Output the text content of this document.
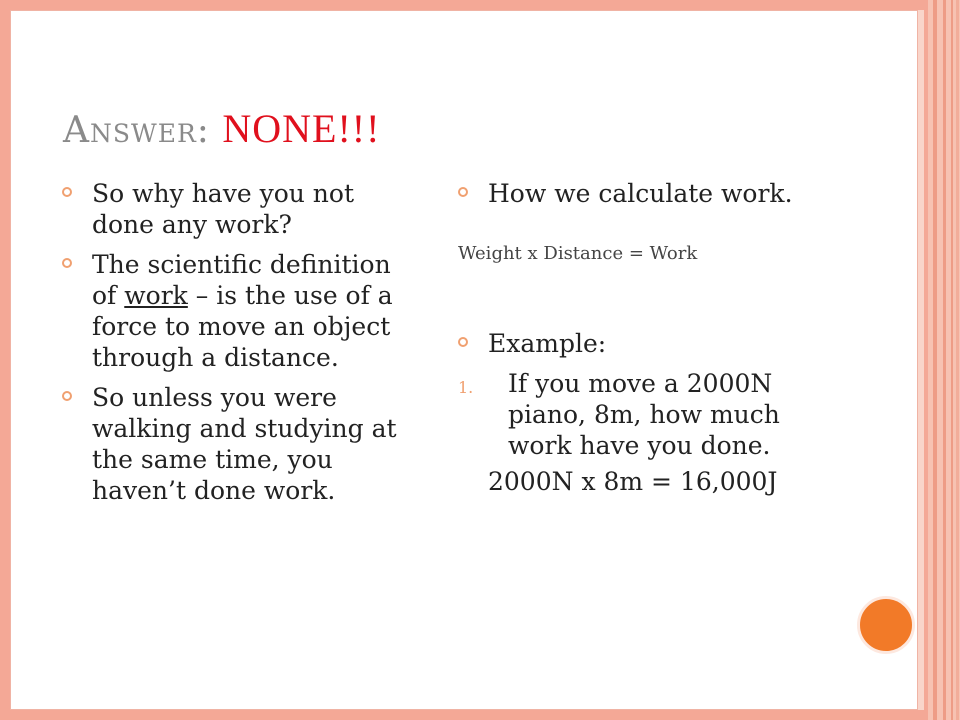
Answer: NONE!!!
So why have you not done any work?
The scientific definition of work – is the use of a force to move an object through a distance.
So unless you were walking and studying at the same time, you haven’t done work.
How we calculate work.
Weight x Distance = Work
Example:
1. If you move a 2000N piano, 8m, how much work have you done.
2000N x 8m = 16,000J
